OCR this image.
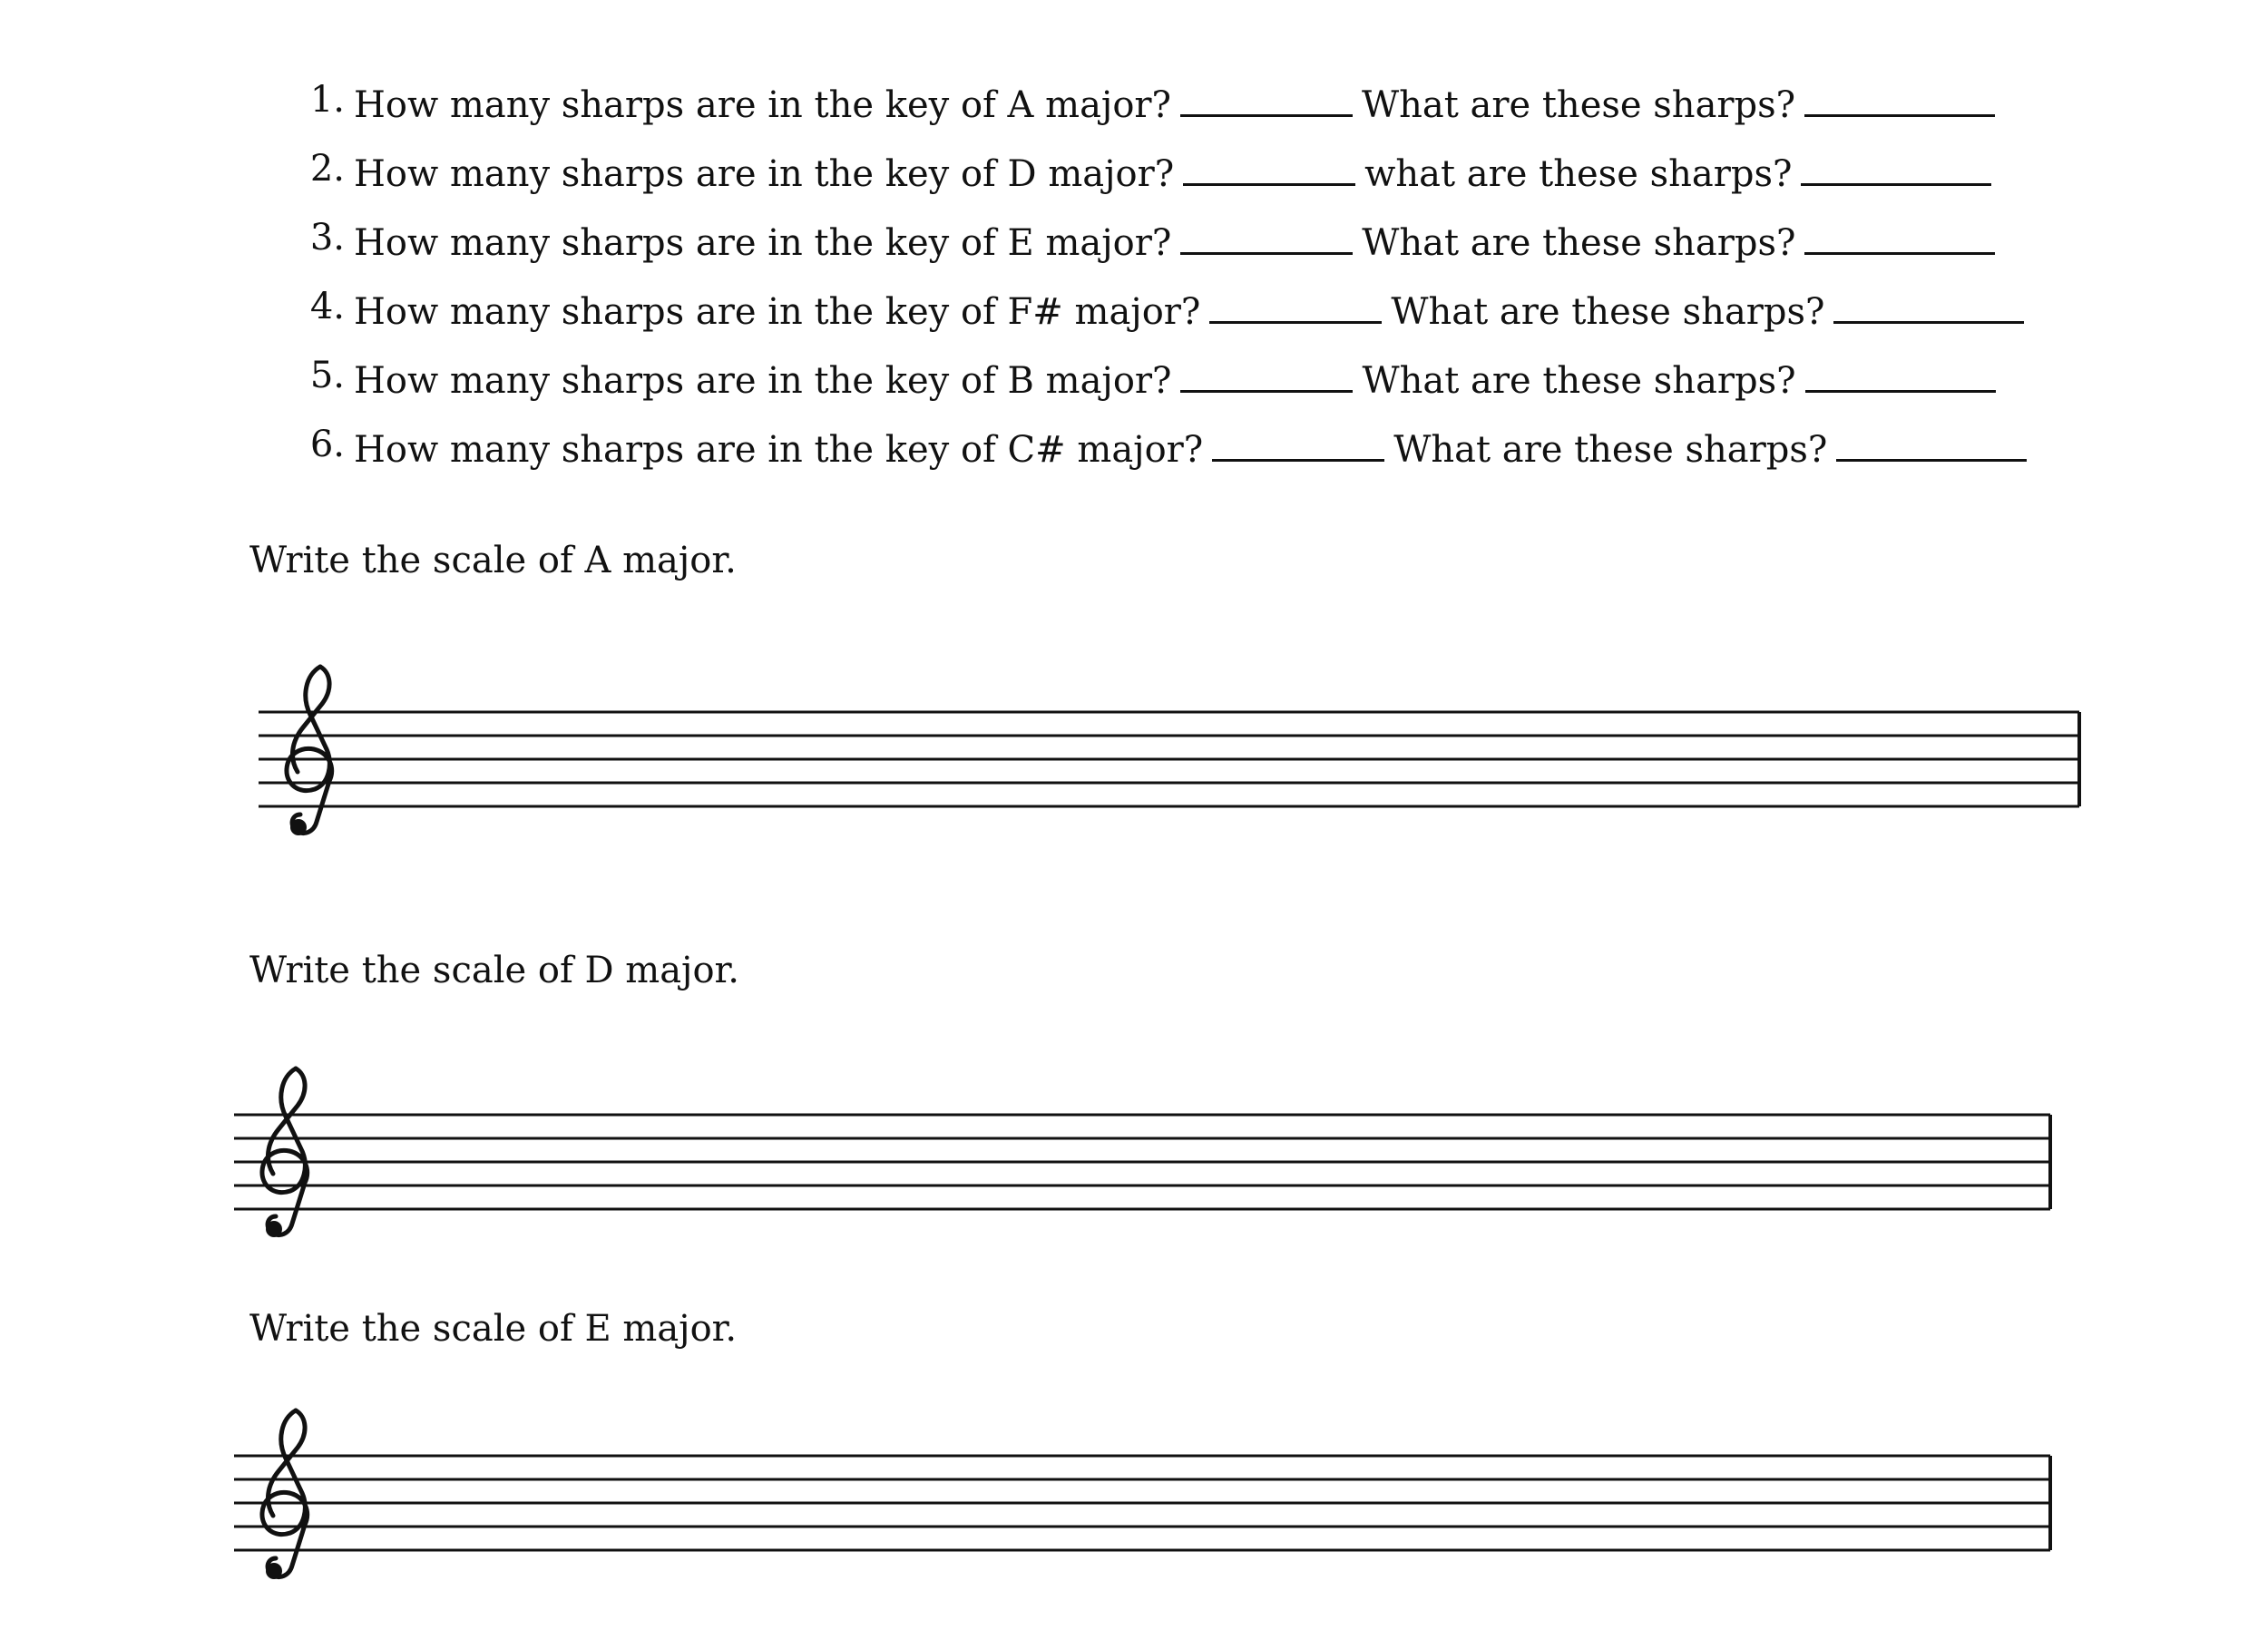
1. How many sharps are in the key of A major?	What are these sharps?
2. How many sharps are in the key of D major?	what are these sharps?
3. How many sharps are in the key of E major?	What are these sharps?
4. How many sharps are in the key of F# major?	What are these sharps?
5. How many sharps are in the key of B major?	What are these sharps?
6. How many sharps are in the key of C# major?	What are these sharps?
Write the scale of A major.
Write the scale of D major.
Write the scale of E major.
